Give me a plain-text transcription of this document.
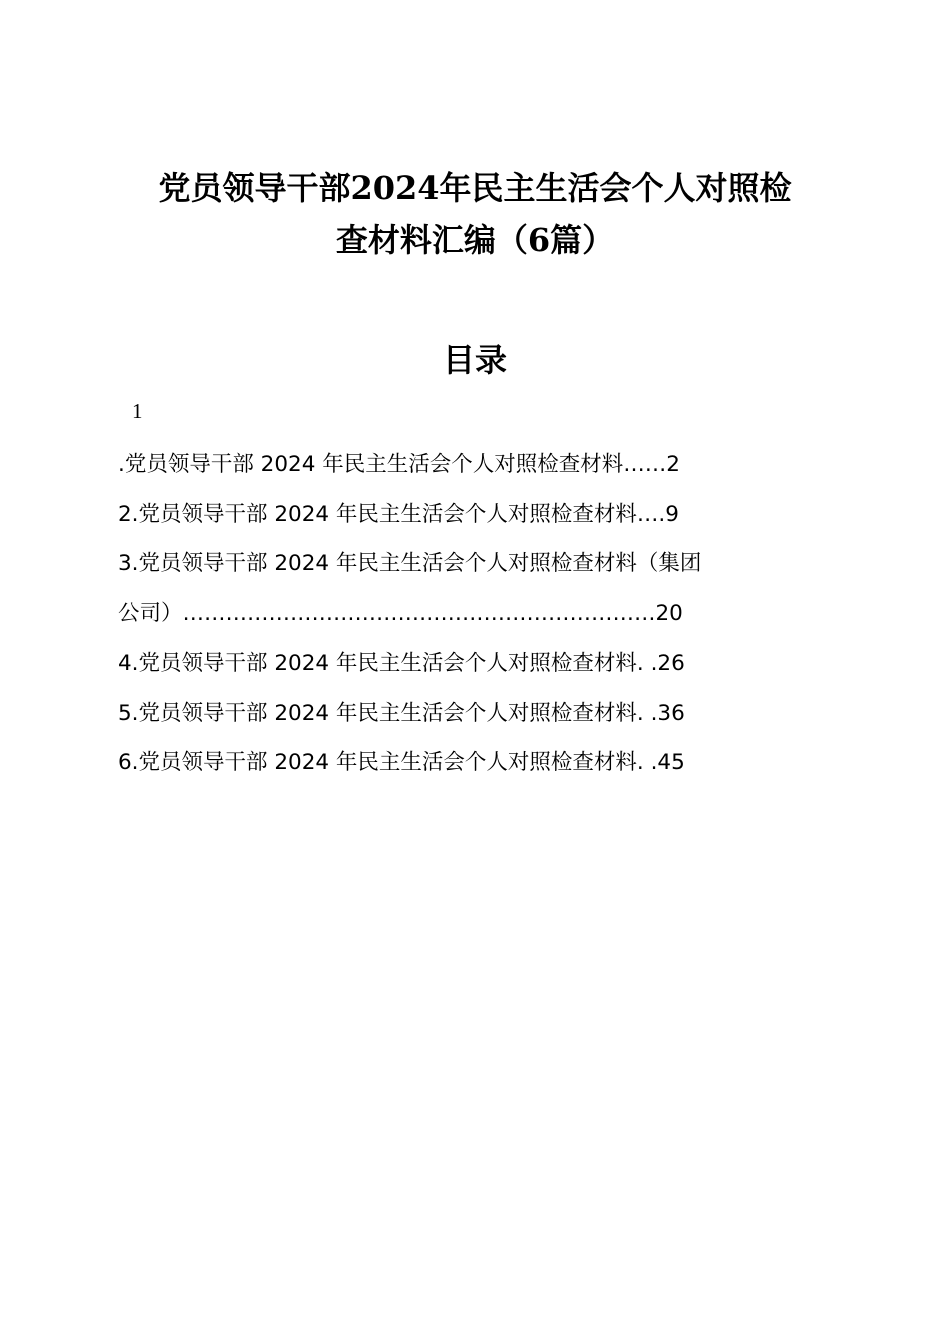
党员领导干部2024年民主生活会个人对照检
查材料汇编（6篇）
目录
1
.党员领导干部 2024 年民主生活会个人对照检查材料……2
2.党员领导干部 2024 年民主生活会个人对照检查材料….9
3.党员领导干部 2024 年民主生活会个人对照检查材料（集团
公司）…………………………………………………………20
4.党员领导干部 2024 年民主生活会个人对照检查材料. .26
5.党员领导干部 2024 年民主生活会个人对照检查材料. .36
6.党员领导干部 2024 年民主生活会个人对照检查材料. .45
